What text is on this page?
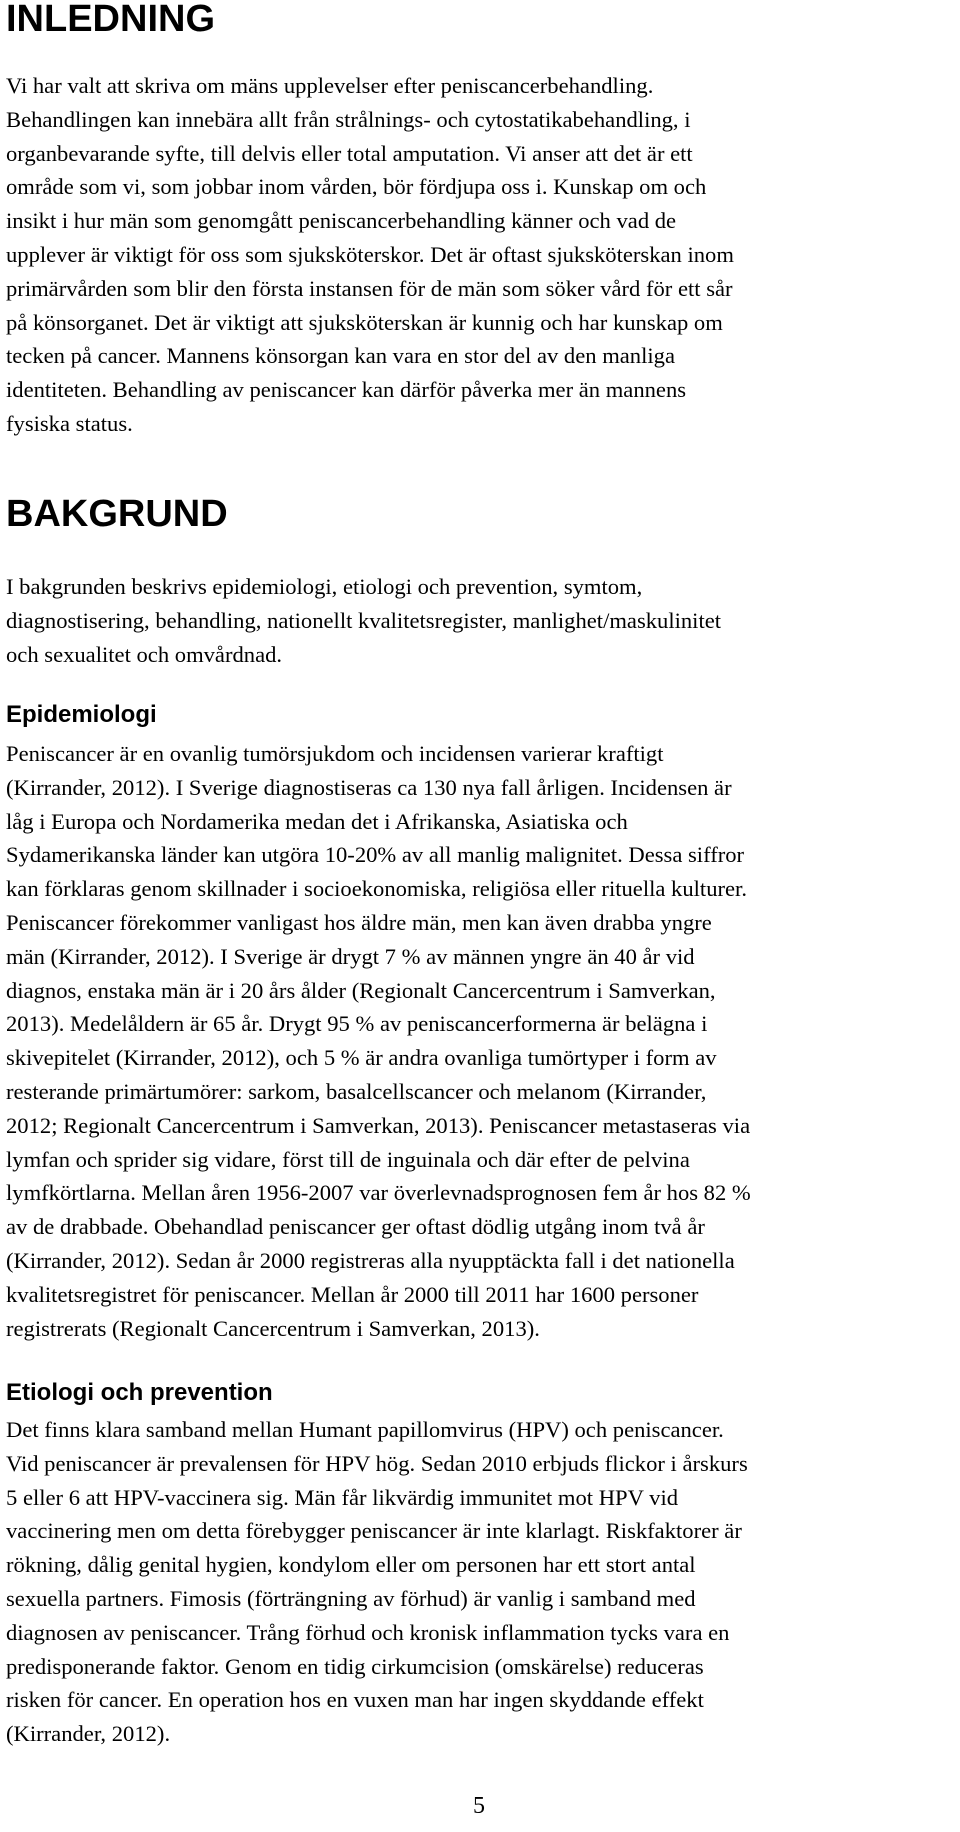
INLEDNING
Vi har valt att skriva om mäns upplevelser efter peniscancerbehandling.
Behandlingen kan innebära allt från strålnings- och cytostatikabehandling, i
organbevarande syfte, till delvis eller total amputation. Vi anser att det är ett
område som vi, som jobbar inom vården, bör fördjupa oss i. Kunskap om och
insikt i hur män som genomgått peniscancerbehandling känner och vad de
upplever är viktigt för oss som sjuksköterskor. Det är oftast sjuksköterskan inom
primärvården som blir den första instansen för de män som söker vård för ett sår
på könsorganet. Det är viktigt att sjuksköterskan är kunnig och har kunskap om
tecken på cancer. Mannens könsorgan kan vara en stor del av den manliga
identiteten. Behandling av peniscancer kan därför påverka mer än mannens
fysiska status.
BAKGRUND
I bakgrunden beskrivs epidemiologi, etiologi och prevention, symtom,
diagnostisering, behandling, nationellt kvalitetsregister, manlighet/maskulinitet
och sexualitet och omvårdnad.
Epidemiologi
Peniscancer är en ovanlig tumörsjukdom och incidensen varierar kraftigt
(Kirrander, 2012). I Sverige diagnostiseras ca 130 nya fall årligen. Incidensen är
låg i Europa och Nordamerika medan det i Afrikanska, Asiatiska och
Sydamerikanska länder kan utgöra 10-20% av all manlig malignitet. Dessa siffror
kan förklaras genom skillnader i socioekonomiska, religiösa eller rituella kulturer.
Peniscancer förekommer vanligast hos äldre män, men kan även drabba yngre
män (Kirrander, 2012). I Sverige är drygt 7 % av männen yngre än 40 år vid
diagnos, enstaka män är i 20 års ålder (Regionalt Cancercentrum i Samverkan,
2013). Medelåldern är 65 år. Drygt 95 % av peniscancerformerna är belägna i
skivepitelet (Kirrander, 2012), och 5 % är andra ovanliga tumörtyper i form av
resterande primärtumörer: sarkom, basalcellscancer och melanom (Kirrander,
2012; Regionalt Cancercentrum i Samverkan, 2013). Peniscancer metastaseras via
lymfan och sprider sig vidare, först till de inguinala och där efter de pelvina
lymfkörtlarna. Mellan åren 1956-2007 var överlevnadsprognosen fem år hos 82 %
av de drabbade. Obehandlad peniscancer ger oftast dödlig utgång inom två år
(Kirrander, 2012). Sedan år 2000 registreras alla nyupptäckta fall i det nationella
kvalitetsregistret för peniscancer. Mellan år 2000 till 2011 har 1600 personer
registrerats (Regionalt Cancercentrum i Samverkan, 2013).
Etiologi och prevention
Det finns klara samband mellan Humant papillomvirus (HPV) och peniscancer.
Vid peniscancer är prevalensen för HPV hög. Sedan 2010 erbjuds flickor i årskurs
5 eller 6 att HPV-vaccinera sig. Män får likvärdig immunitet mot HPV vid
vaccinering men om detta förebygger peniscancer är inte klarlagt. Riskfaktorer är
rökning, dålig genital hygien, kondylom eller om personen har ett stort antal
sexuella partners. Fimosis (förträngning av förhud) är vanlig i samband med
diagnosen av peniscancer. Trång förhud och kronisk inflammation tycks vara en
predisponerande faktor. Genom en tidig cirkumcision (omskärelse) reduceras
risken för cancer. En operation hos en vuxen man har ingen skyddande effekt
(Kirrander, 2012).
5
